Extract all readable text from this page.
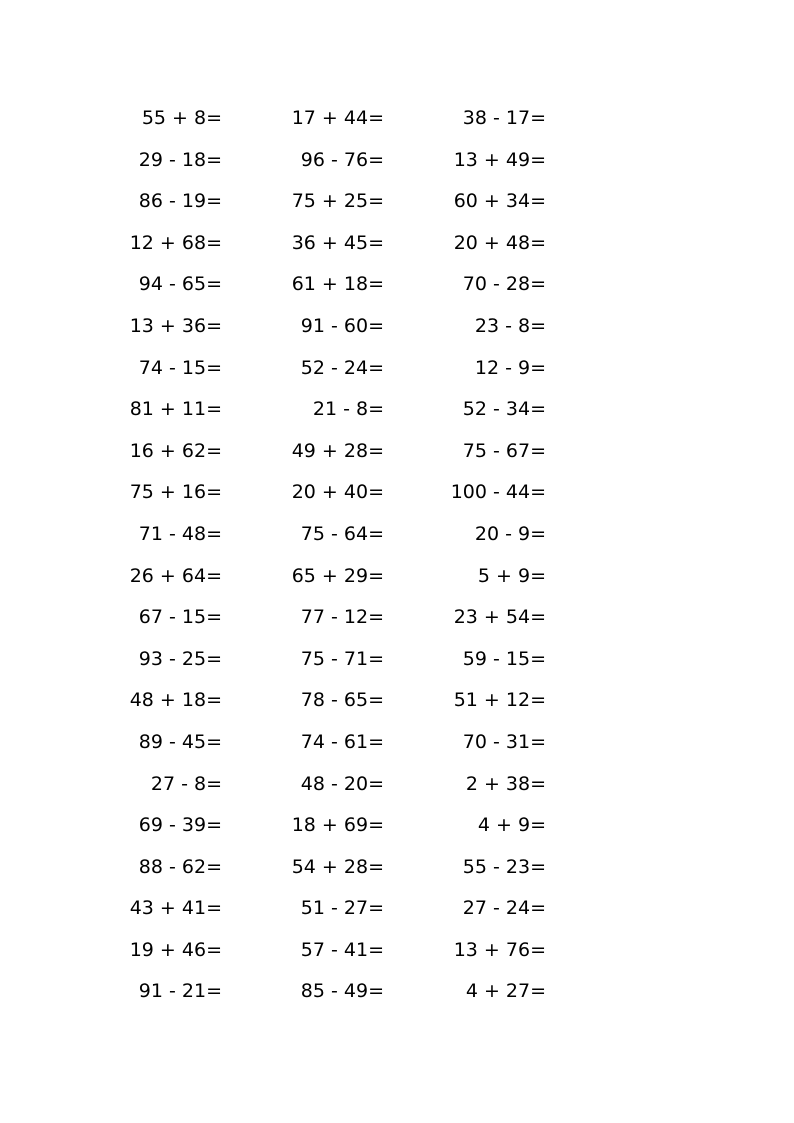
55 + 8=	17 + 44=	38 - 17=
29 - 18=	96 - 76=	13 + 49=
86 - 19=	75 + 25=	60 + 34=
12 + 68=	36 + 45=	20 + 48=
94 - 65=	61 + 18=	70 - 28=
13 + 36=	91 - 60=	23 - 8=
74 - 15=	52 - 24=	12 - 9=
81 + 11=	21 - 8=	52 - 34=
16 + 62=	49 + 28=	75 - 67=
75 + 16=	20 + 40=	100 - 44=
71 - 48=	75 - 64=	20 - 9=
26 + 64=	65 + 29=	5 + 9=
67 - 15=	77 - 12=	23 + 54=
93 - 25=	75 - 71=	59 - 15=
48 + 18=	78 - 65=	51 + 12=
89 - 45=	74 - 61=	70 - 31=
27 - 8=	48 - 20=	2 + 38=
69 - 39=	18 + 69=	4 + 9=
88 - 62=	54 + 28=	55 - 23=
43 + 41=	51 - 27=	27 - 24=
19 + 46=	57 - 41=	13 + 76=
91 - 21=	85 - 49=	4 + 27=
